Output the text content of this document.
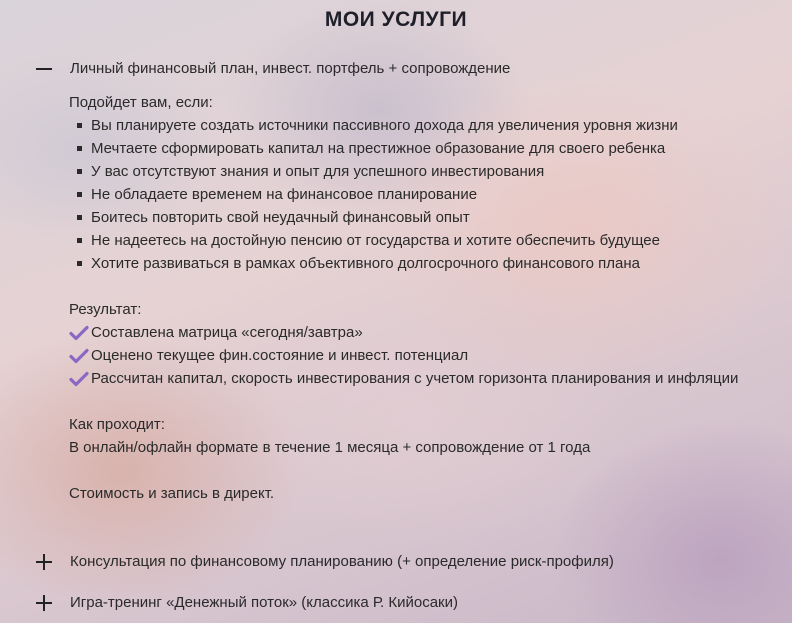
МОИ УСЛУГИ
Личный финансовый план, инвест. портфель + сопровождение

Подойдет вам, если:

Вы планируете создать источники пассивного дохода для увеличения уровня жизни
Мечтаете сформировать капитал на престижное образование для своего ребенка
У вас отсутствуют знания и опыт для успешного инвестирования
Не обладаете временем на финансовое планирование
Боитесь повторить свой неудачный финансовый опыт
Не надеетесь на достойную пенсию от государства и хотите обеспечить будущее
Хотите развиваться в рамках объективного долгосрочного финансового плана

Результат:

Составлена матрица «сегодня/завтра»
Оценено текущее фин.состояние и инвест. потенциал
Рассчитан капитал, скорость инвестирования с учетом горизонта планирования и инфляции

Как проходит:

В онлайн/офлайн формате в течение 1 месяца + сопровождение от 1 года

Стоимость и запись в директ.

Консультация по финансовому планированию (+ определение риск-профиля)
Игра-тренинг «Денежный поток» (классика Р. Кийосаки)
